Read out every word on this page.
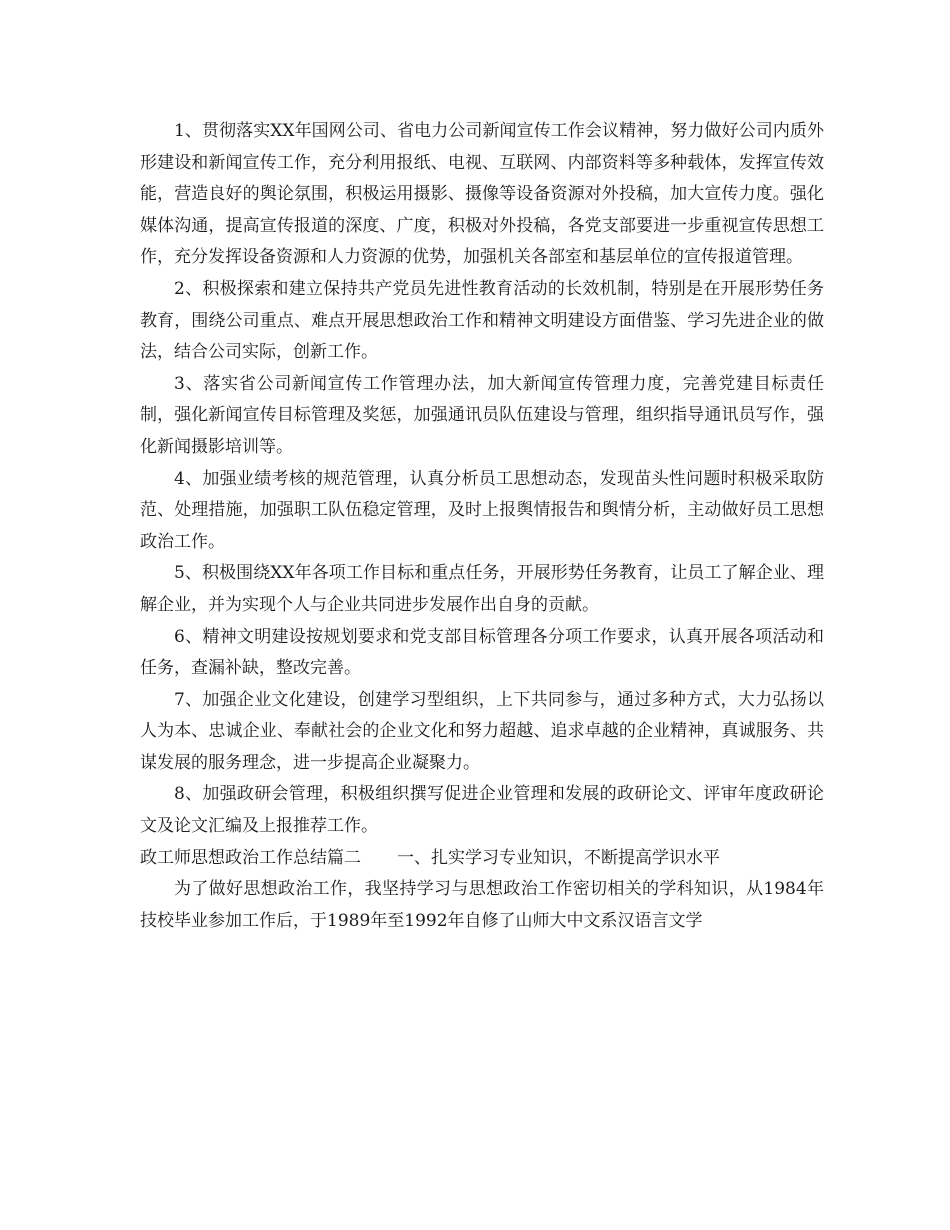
1、贯彻落实XX年国网公司、省电力公司新闻宣传工作会议精神，努力做好公司内质外形建设和新闻宣传工作，充分利用报纸、电视、互联网、内部资料等多种载体，发挥宣传效能，营造良好的舆论氛围，积极运用摄影、摄像等设备资源对外投稿，加大宣传力度。强化媒体沟通，提高宣传报道的深度、广度，积极对外投稿，各党支部要进一步重视宣传思想工作，充分发挥设备资源和人力资源的优势，加强机关各部室和基层单位的宣传报道管理。

2、积极探索和建立保持共产党员先进性教育活动的长效机制，特别是在开展形势任务教育，围绕公司重点、难点开展思想政治工作和精神文明建设方面借鉴、学习先进企业的做法，结合公司实际，创新工作。

3、落实省公司新闻宣传工作管理办法，加大新闻宣传管理力度，完善党建目标责任制，强化新闻宣传目标管理及奖惩，加强通讯员队伍建设与管理，组织指导通讯员写作，强化新闻摄影培训等。

4、加强业绩考核的规范管理，认真分析员工思想动态，发现苗头性问题时积极采取防范、处理措施，加强职工队伍稳定管理，及时上报舆情报告和舆情分析，主动做好员工思想政治工作。

5、积极围绕XX年各项工作目标和重点任务，开展形势任务教育，让员工了解企业、理解企业，并为实现个人与企业共同进步发展作出自身的贡献。

6、精神文明建设按规划要求和党支部目标管理各分项工作要求，认真开展各项活动和任务，查漏补缺，整改完善。

7、加强企业文化建设，创建学习型组织，上下共同参与，通过多种方式，大力弘扬以人为本、忠诚企业、奉献社会的企业文化和努力超越、追求卓越的企业精神，真诚服务、共谋发展的服务理念，进一步提高企业凝聚力。

8、加强政研会管理，积极组织撰写促进企业管理和发展的政研论文、评审年度政研论文及论文汇编及上报推荐工作。

政工师思想政治工作总结篇二 一、扎实学习专业知识，不断提高学识水平

为了做好思想政治工作，我坚持学习与思想政治工作密切相关的学科知识，从1984年技校毕业参加工作后，于1989年至1992年自修了山师大中文系汉语言文学
